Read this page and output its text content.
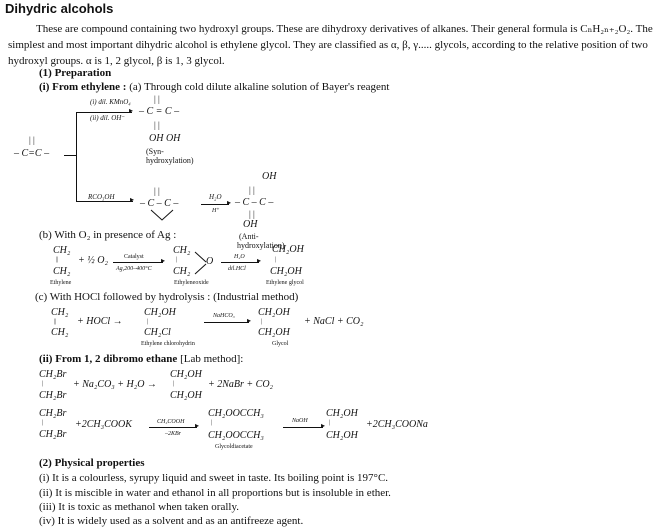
Dihydric alcohols
These are compound containing two hydroxyl groups. These are dihydroxy derivatives of alkanes. Their general formula is CₙH₂ₙ₊₂O₂. The simplest and most important dihydric alcohol is ethylene glycol. They are classified as α, β, γ..... glycols, according to the relative position of two hydroxyl groups. α is 1, 2 glycol, β is 1, 3 glycol.
(1) Preparation
(i) From ethylene : (a) Through cold dilute alkaline solution of Bayer's reagent
| |
– C=C –
▸
▸
(i) dil. KMnO₄
(ii) dil. OH⁻
| |
– C = C –
| |
OH OH
(Syn-
hydroxylation)
RCO₃OH
| |
– C – C –
H₂O
▸
H⁺
OH
| |
– C – C –
| |
OH
(Anti-
(b) With O₂ in presence of Ag :
hydroxylation)
CH₂
||
CH₂
Ethylene
+ ½ O₂	Catalyst ▸
Ag,200–400°C
CH₂
|
CH₂
O
Ethyleneoxide
H₂O ▸
dil.HCl
CH₂OH
|
CH₂OH
Ethylene glycol
(c) With HOCl followed by hydrolysis : (Industrial method)
CH₂
||
CH₂
+ HOCl →
CH₂OH
|
CH₂Cl
Ethylene chlorohydrin
NaHCO₃ ▸
CH₂OH
|
CH₂OH
Glycol
+ NaCl + CO₂
(ii) From 1, 2 dibromo ethane [Lab method]:
CH₂Br
|
CH₂Br
+ Na₂CO₃ + H₂O →
CH₂OH
|
CH₂OH
+ 2NaBr + CO₂
CH₂Br
|
CH₂Br
+2CH₃COOK	CH₃COOH ▸
–2KBr
CH₂OOCCH₃
|
CH₂OOCCH₃
Glycoldiacetate
NaOH ▸
CH₂OH
|
CH₂OH
+2CH₃COONa
(2) Physical properties
(i) It is a colourless, syrupy liquid and sweet in taste. Its boiling point is 197°C.
(ii) It is miscible in water and ethanol in all proportions but is insoluble in ether.
(iii) It is toxic as methanol when taken orally.
(iv) It is widely used as a solvent and as an antifreeze agent.
